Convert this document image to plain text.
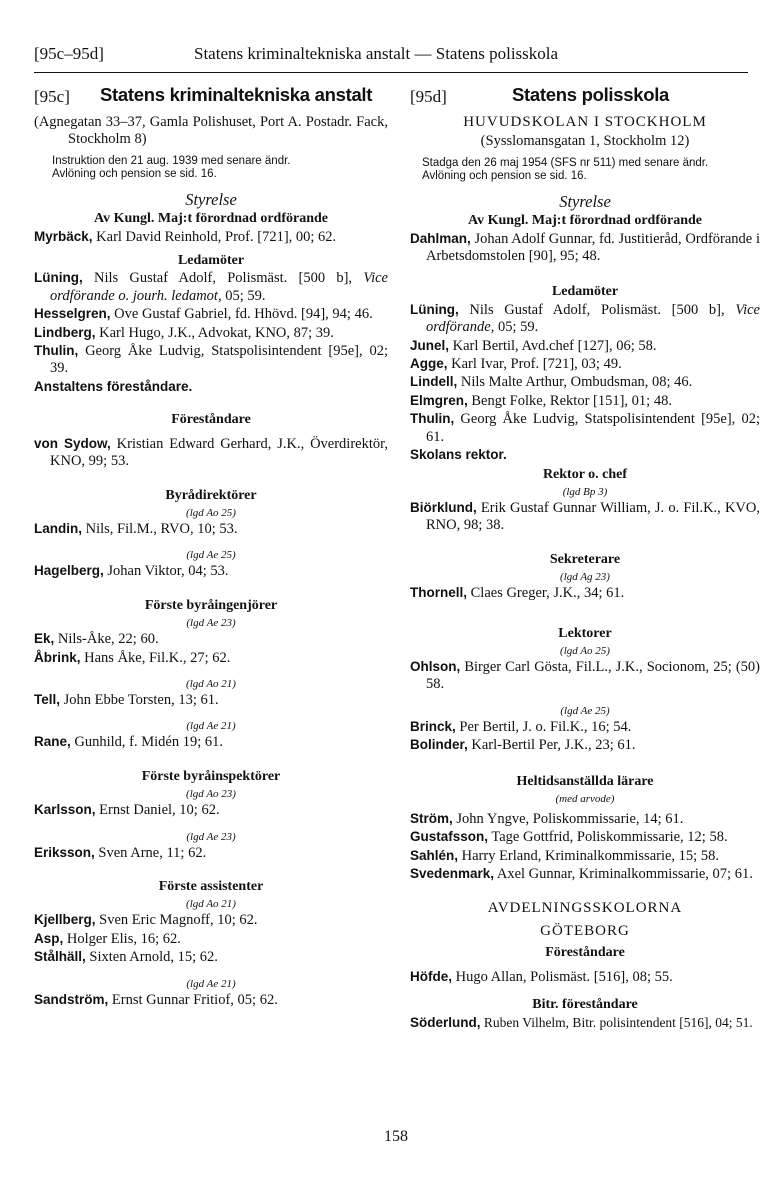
[95c–95d]	Statens kriminaltekniska anstalt — Statens polisskola
[95c] Statens kriminaltekniska anstalt

(Agnegatan 33–37, Gamla Polishuset, Port A. Postadr. Fack, Stockholm 8)

Instruktion den 21 aug. 1939 med senare ändr.

Avlöning och pension se sid. 16.

Styrelse

Av Kungl. Maj:t förordnad ordförande

Myrbäck, Karl David Reinhold, Prof. [721], 00; 62.

Ledamöter

Lüning, Nils Gustaf Adolf, Polismäst. [500 b], Vice ordförande o. jourh. ledamot, 05; 59.

Hesselgren, Ove Gustaf Gabriel, fd. Hhövd. [94], 94; 46.

Lindberg, Karl Hugo, J.K., Advokat, KNO, 87; 39.

Thulin, Georg Åke Ludvig, Statspolisintendent [95e], 02; 39.

Anstaltens föreståndare.

Föreståndare

von Sydow, Kristian Edward Gerhard, J.K., Överdirektör, KNO, 99; 53.

Byrådirektörer

(lgd Ao 25)

Landin, Nils, Fil.M., RVO, 10; 53.

(lgd Ae 25)

Hagelberg, Johan Viktor, 04; 53.

Förste byråingenjörer

(lgd Ae 23)

Ek, Nils-Åke, 22; 60.

Åbrink, Hans Åke, Fil.K., 27; 62.

(lgd Ao 21)

Tell, John Ebbe Torsten, 13; 61.

(lgd Ae 21)

Rane, Gunhild, f. Midén 19; 61.

Förste byråinspektörer

(lgd Ao 23)

Karlsson, Ernst Daniel, 10; 62.

(lgd Ae 23)

Eriksson, Sven Arne, 11; 62.

Förste assistenter

(lgd Ao 21)

Kjellberg, Sven Eric Magnoff, 10; 62.

Asp, Holger Elis, 16; 62.

Stålhäll, Sixten Arnold, 15; 62.

(lgd Ae 21)

Sandström, Ernst Gunnar Fritiof, 05; 62.

[95d]	Statens polisskola

HUVUDSKOLAN I STOCKHOLM

(Sysslomansgatan 1, Stockholm 12)

Stadga den 26 maj 1954 (SFS nr 511) med senare ändr.

Avlöning och pension se sid. 16.

Styrelse

Av Kungl. Maj:t förordnad ordförande

Dahlman, Johan Adolf Gunnar, fd. Justitieråd, Ordförande i Arbetsdomstolen [90], 95; 48.

Ledamöter

Lüning, Nils Gustaf Adolf, Polismäst. [500 b], Vice ordförande, 05; 59.

Junel, Karl Bertil, Avd.chef [127], 06; 58.

Agge, Karl Ivar, Prof. [721], 03; 49.

Lindell, Nils Malte Arthur, Ombudsman, 08; 46.

Elmgren, Bengt Folke, Rektor [151], 01; 48.

Thulin, Georg Åke Ludvig, Statspolisintendent [95e], 02; 61.

Skolans rektor.

Rektor o. chef

(lgd Bp 3)

Biörklund, Erik Gustaf Gunnar William, J. o. Fil.K., KVO, RNO, 98; 38.

Sekreterare

(lgd Ag 23)

Thornell, Claes Greger, J.K., 34; 61.

Lektorer

(lgd Ao 25)

Ohlson, Birger Carl Gösta, Fil.L., J.K., Socionom, 25; (50) 58.

(lgd Ae 25)

Brinck, Per Bertil, J. o. Fil.K., 16; 54.

Bolinder, Karl-Bertil Per, J.K., 23; 61.

Heltidsanställda lärare

(med arvode)

Ström, John Yngve, Poliskommissarie, 14; 61.

Gustafsson, Tage Gottfrid, Poliskommissarie, 12; 58.

Sahlén, Harry Erland, Kriminalkommissarie, 15; 58.

Svedenmark, Axel Gunnar, Kriminalkommissarie, 07; 61.

AVDELNINGSSKOLORNA

GÖTEBORG

Föreståndare

Höfde, Hugo Allan, Polismäst. [516], 08; 55.

Bitr. föreståndare

Söderlund, Ruben Vilhelm, Bitr. polisintendent [516], 04; 51.

158
